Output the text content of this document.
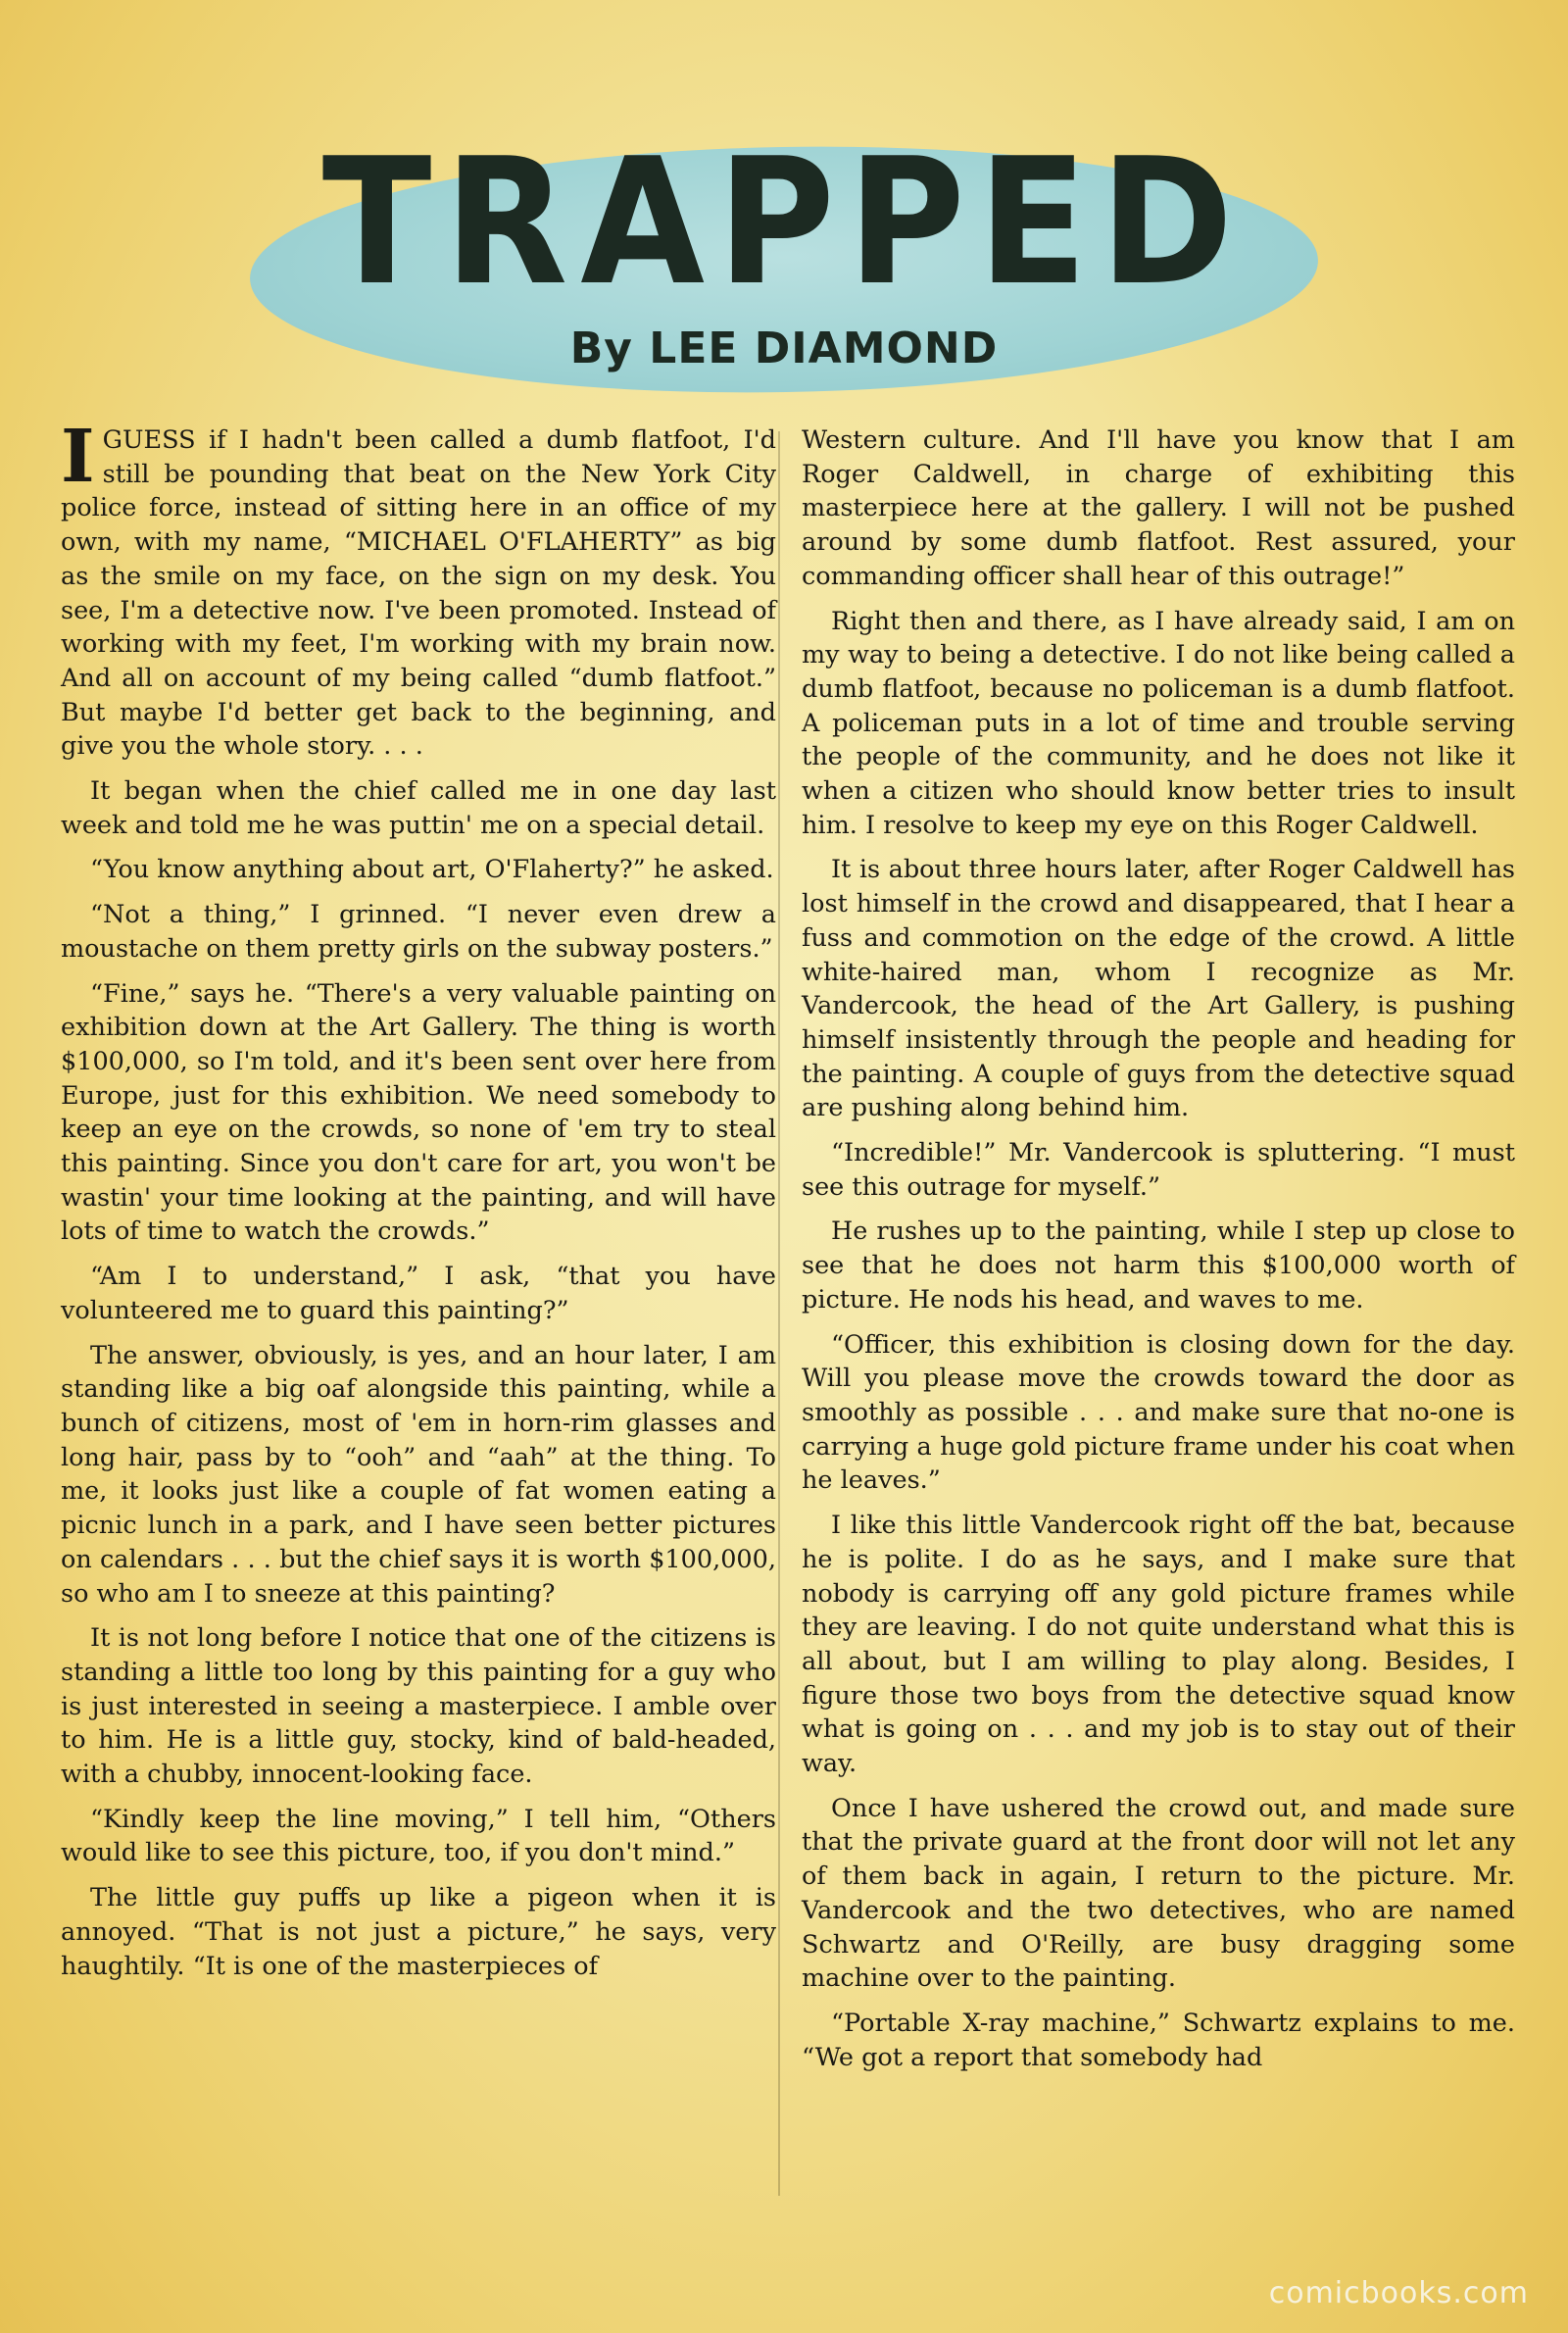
TRAPPED
By LEE DIAMOND

I GUESS if I hadn't been called a dumb flatfoot, I'd still be pounding that beat on the New York City police force, instead of sitting here in an office of my own, with my name, “MICHAEL O'FLAHERTY” as big as the smile on my face, on the sign on my desk. You see, I'm a detective now. I've been promoted. Instead of working with my feet, I'm working with my brain now. And all on account of my being called “dumb flatfoot.” But maybe I'd better get back to the beginning, and give you the whole story. . . .

It began when the chief called me in one day last week and told me he was puttin' me on a special detail.

“You know anything about art, O'Flaherty?” he asked.

“Not a thing,” I grinned. “I never even drew a moustache on them pretty girls on the subway posters.”

“Fine,” says he. “There's a very valuable painting on exhibition down at the Art Gallery. The thing is worth $100,000, so I'm told, and it's been sent over here from Europe, just for this exhibition. We need somebody to keep an eye on the crowds, so none of 'em try to steal this painting. Since you don't care for art, you won't be wastin' your time looking at the painting, and will have lots of time to watch the crowds.”

“Am I to understand,” I ask, “that you have volunteered me to guard this painting?”

The answer, obviously, is yes, and an hour later, I am standing like a big oaf alongside this painting, while a bunch of citizens, most of 'em in horn-rim glasses and long hair, pass by to “ooh” and “aah” at the thing. To me, it looks just like a couple of fat women eating a picnic lunch in a park, and I have seen better pictures on calendars . . . but the chief says it is worth $100,000, so who am I to sneeze at this painting?

It is not long before I notice that one of the citizens is standing a little too long by this painting for a guy who is just interested in seeing a masterpiece. I amble over to him. He is a little guy, stocky, kind of bald-headed, with a chubby, innocent-looking face.

“Kindly keep the line moving,” I tell him, “Others would like to see this picture, too, if you don't mind.”

The little guy puffs up like a pigeon when it is annoyed. “That is not just a picture,” he says, very haughtily. “It is one of the masterpieces of

Western culture. And I'll have you know that I am Roger Caldwell, in charge of exhibiting this masterpiece here at the gallery. I will not be pushed around by some dumb flatfoot. Rest assured, your commanding officer shall hear of this outrage!”

Right then and there, as I have already said, I am on my way to being a detective. I do not like being called a dumb flatfoot, because no policeman is a dumb flatfoot. A policeman puts in a lot of time and trouble serving the people of the community, and he does not like it when a citizen who should know better tries to insult him. I resolve to keep my eye on this Roger Caldwell.

It is about three hours later, after Roger Caldwell has lost himself in the crowd and disappeared, that I hear a fuss and commotion on the edge of the crowd. A little white-haired man, whom I recognize as Mr. Vandercook, the head of the Art Gallery, is pushing himself insistently through the people and heading for the painting. A couple of guys from the detective squad are pushing along behind him.

“Incredible!” Mr. Vandercook is spluttering. “I must see this outrage for myself.”

He rushes up to the painting, while I step up close to see that he does not harm this $100,000 worth of picture. He nods his head, and waves to me.

“Officer, this exhibition is closing down for the day. Will you please move the crowds toward the door as smoothly as possible . . . and make sure that no-one is carrying a huge gold picture frame under his coat when he leaves.”

I like this little Vandercook right off the bat, because he is polite. I do as he says, and I make sure that nobody is carrying off any gold picture frames while they are leaving. I do not quite understand what this is all about, but I am willing to play along. Besides, I figure those two boys from the detective squad know what is going on . . . and my job is to stay out of their way.

Once I have ushered the crowd out, and made sure that the private guard at the front door will not let any of them back in again, I return to the picture. Mr. Vandercook and the two detectives, who are named Schwartz and O'Reilly, are busy dragging some machine over to the painting.

“Portable X-ray machine,” Schwartz explains to me. “We got a report that somebody had

comicbooks.com
